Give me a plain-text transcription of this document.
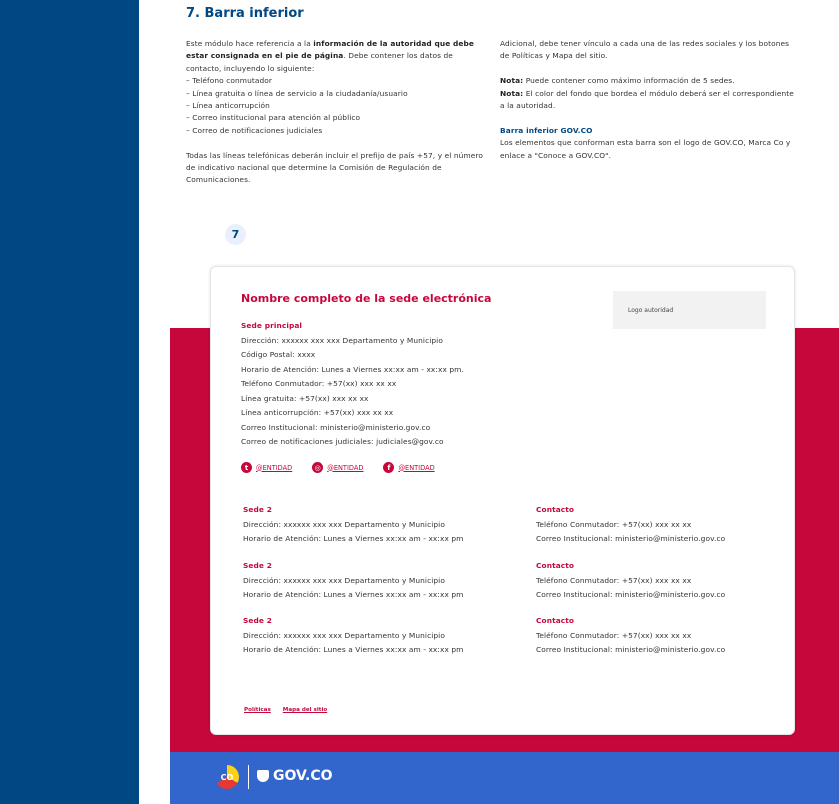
7. Barra inferior

Este módulo hace referencia a la información de la autoridad que debe estar consignada en el pie de página. Debe contener los datos de contacto, incluyendo lo siguiente:

– Teléfono conmutador

– Línea gratuita o línea de servicio a la ciudadanía/usuario

– Línea anticorrupción

– Correo institucional para atención al público

– Correo de notificaciones judiciales

Todas las líneas telefónicas deberán incluir el prefijo de país +57, y el número de indicativo nacional que determine la Comisión de Regulación de Comunicaciones.

Adicional, debe tener vínculo a cada una de las redes sociales y los botones de Políticas y Mapa del sitio.

Nota: Puede contener como máximo información de 5 sedes.

Nota: El color del fondo que bordea el módulo deberá ser el correspondiente a la autoridad.

Barra inferior GOV.CO

Los elementos que conforman esta barra son el logo de GOV.CO, Marca Co y enlace a "Conoce a GOV.CO".

7
Nombre completo de la sede electrónica
Logo autoridad
Sede principal
Dirección: xxxxxx xxx xxx Departamento y Municipio
Código Postal: xxxx
Horario de Atención: Lunes a Viernes xx:xx am - xx:xx pm.
Teléfono Conmutador: +57(xx) xxx xx xx
Línea gratuita: +57(xx) xxx xx xx
Línea anticorrupción: +57(xx) xxx xx xx
Correo Institucional: ministerio@ministerio.gov.co
Correo de notificaciones judiciales: judiciales@gov.co
t	@ENTIDAD	◎ @ENTIDAD	f	@ENTIDAD
Sede 2
Dirección: xxxxxx xxx xxx Departamento y Municipio
Horario de Atención: Lunes a Viernes xx:xx am - xx:xx pm
Contacto
Teléfono Conmutador: +57(xx) xxx xx xx
Correo Institucional: ministerio@ministerio.gov.co
Sede 2
Dirección: xxxxxx xxx xxx Departamento y Municipio
Horario de Atención: Lunes a Viernes xx:xx am - xx:xx pm
Contacto
Teléfono Conmutador: +57(xx) xxx xx xx
Correo Institucional: ministerio@ministerio.gov.co
Sede 2
Dirección: xxxxxx xxx xxx Departamento y Municipio
Horario de Atención: Lunes a Viernes xx:xx am - xx:xx pm
Contacto
Teléfono Conmutador: +57(xx) xxx xx xx
Correo Institucional: ministerio@ministerio.gov.co
Políticas Mapa del sitio
CO	GOV.CO
